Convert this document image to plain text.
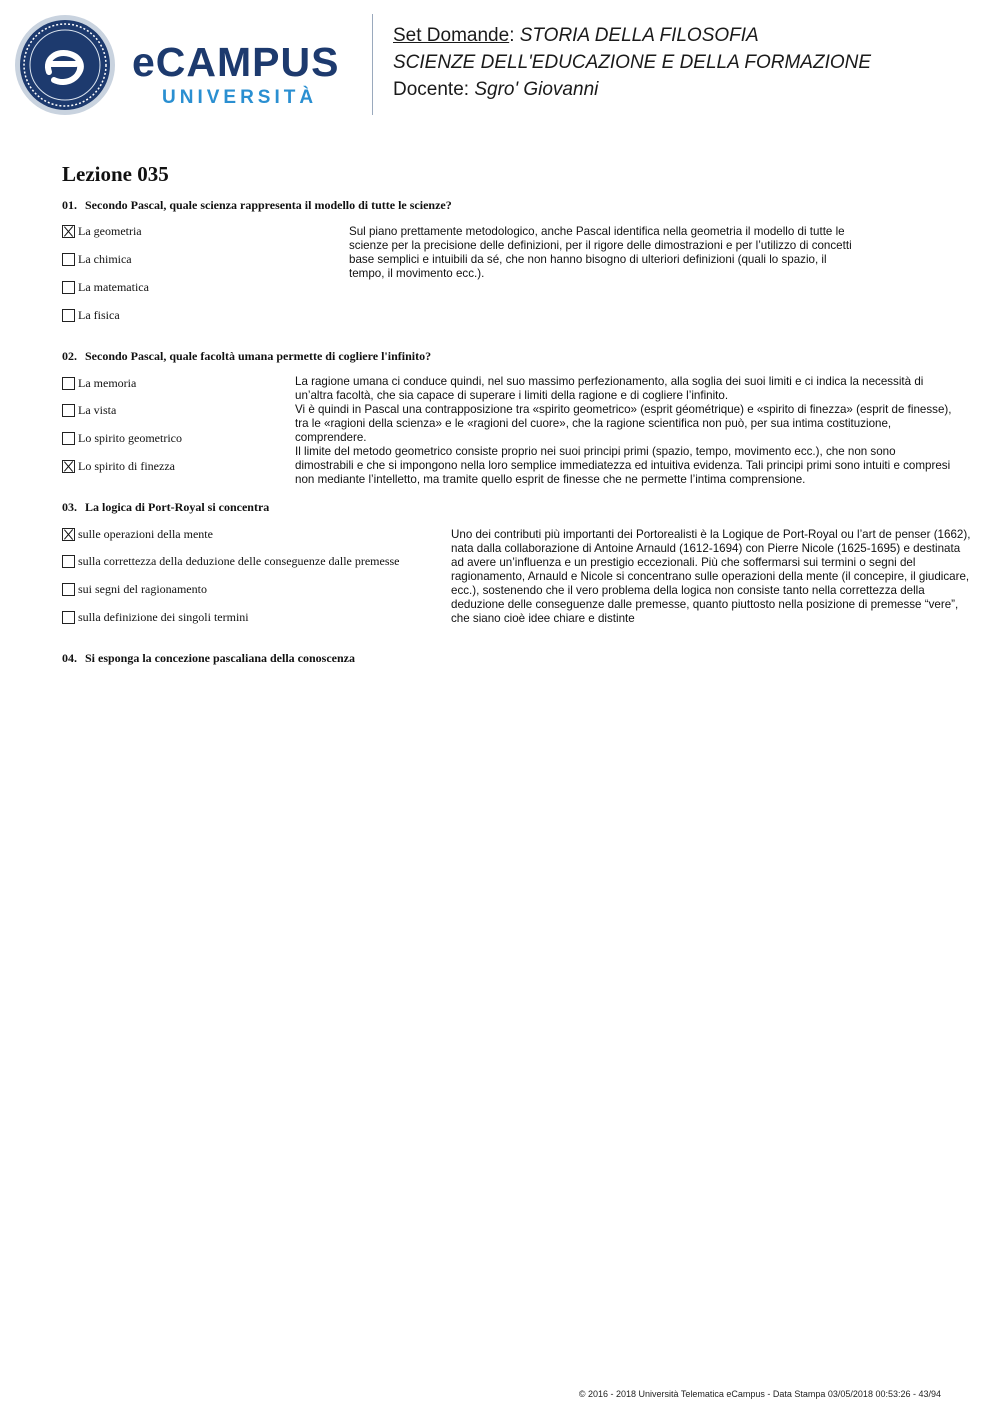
eCAMPUS
UNIVERSITÀ
Set Domande: STORIA DELLA FILOSOFIA
SCIENZE DELL'EDUCAZIONE E DELLA FORMAZIONE
Docente: Sgro' Giovanni
Lezione 035
01. Secondo Pascal, quale scienza rappresenta il modello di tutte le scienze?
La geometria
La chimica
La matematica
La fisica

Sul piano prettamente metodologico, anche Pascal identifica nella geometria il modello di tutte le scienze per la precisione delle definizioni, per il rigore delle dimostrazioni e per l’utilizzo di concetti base semplici e intuibili da sé, che non hanno bisogno di ulteriori definizioni (quali lo spazio, il tempo, il movimento ecc.).

02. Secondo Pascal, quale facoltà umana permette di cogliere l'infinito?
La memoria
La vista
Lo spirito geometrico
Lo spirito di finezza

La ragione umana ci conduce quindi, nel suo massimo perfezionamento, alla soglia dei suoi limiti e ci indica la necessità di un’altra facoltà, che sia capace di superare i limiti della ragione e di cogliere l’infinito.

Vi è quindi in Pascal una contrapposizione tra «spirito geometrico» (esprit géométrique) e «spirito di finezza» (esprit de finesse), tra le «ragioni della scienza» e le «ragioni del cuore», che la ragione scientifica non può, per sua intima costituzione, comprendere.

Il limite del metodo geometrico consiste proprio nei suoi principi primi (spazio, tempo, movimento ecc.), che non sono dimostrabili e che si impongono nella loro semplice immediatezza ed intuitiva evidenza. Tali principi primi sono intuiti e compresi non mediante l’intelletto, ma tramite quello esprit de finesse che ne permette l’intima comprensione.

03. La logica di Port-Royal si concentra
sulle operazioni della mente
sulla correttezza della deduzione delle conseguenze dalle premesse
sui segni del ragionamento
sulla definizione dei singoli termini

Uno dei contributi più importanti dei Portorealisti è la Logique de Port-Royal ou l’art de penser (1662), nata dalla collaborazione di Antoine Arnauld (1612-1694) con Pierre Nicole (1625-1695) e destinata ad avere un’influenza e un prestigio eccezionali. Più che soffermarsi sui termini o segni del ragionamento, Arnauld e Nicole si concentrano sulle operazioni della mente (il concepire, il giudicare, ecc.), sostenendo che il vero problema della logica non consiste tanto nella correttezza della deduzione delle conseguenze dalle premesse, quanto piuttosto nella posizione di premesse “vere”, che siano cioè idee chiare e distinte

04. Si esponga la concezione pascaliana della conoscenza
© 2016 - 2018 Università Telematica eCampus - Data Stampa 03/05/2018 00:53:26 - 43/94
